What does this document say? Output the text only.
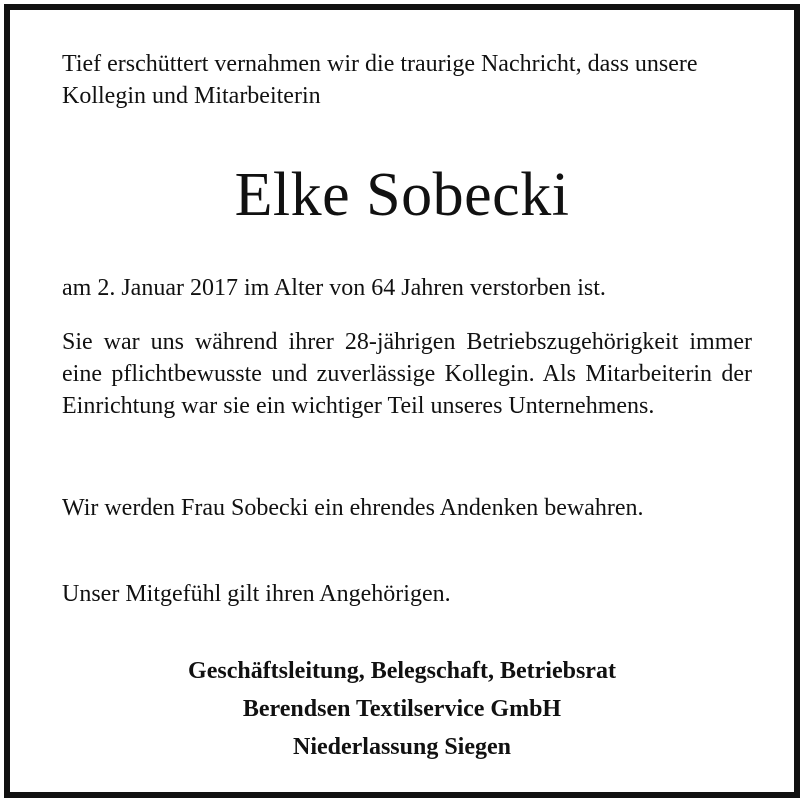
Tief erschüttert vernahmen wir die traurige Nachricht, dass unsere Kollegin und Mitarbeiterin
Elke Sobecki
am 2. Januar 2017 im Alter von 64 Jahren verstorben ist.
Sie war uns während ihrer 28-jährigen Betriebszugehörigkeit immer eine pflichtbewusste und zuverlässige Kollegin. Als Mitarbeiterin der Einrichtung war sie ein wichtiger Teil unseres Unternehmens.
Wir werden Frau Sobecki ein ehrendes Andenken bewahren.
Unser Mitgefühl gilt ihren Angehörigen.
Geschäftsleitung, Belegschaft, Betriebsrat
Berendsen Textilservice GmbH
Niederlassung Siegen
